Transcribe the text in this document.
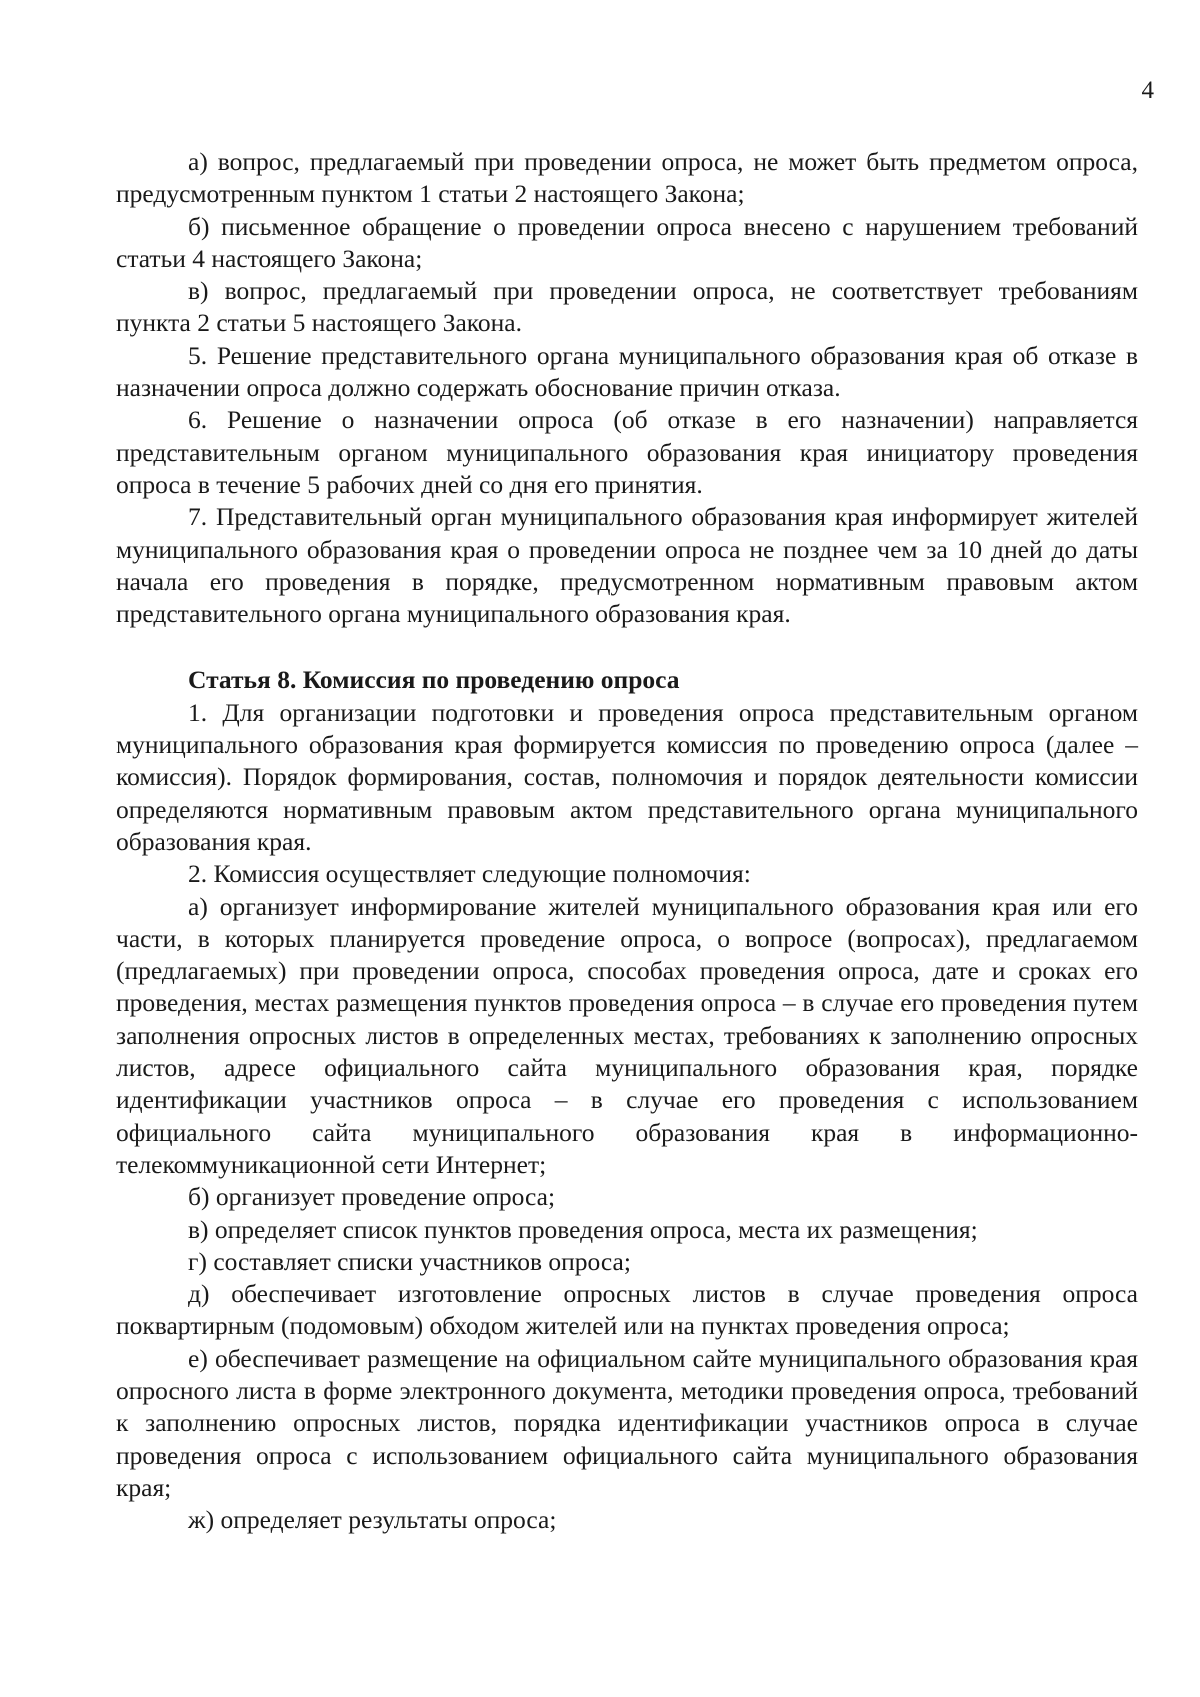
4

а) вопрос, предлагаемый при проведении опроса, не может быть предметом опроса, предусмотренным пунктом 1 статьи 2 настоящего Закона;

б) письменное обращение о проведении опроса внесено с нарушением требований статьи 4 настоящего Закона;

в) вопрос, предлагаемый при проведении опроса, не соответствует требованиям пункта 2 статьи 5 настоящего Закона.

5. Решение представительного органа муниципального образования края об отказе в назначении опроса должно содержать обоснование причин отказа.

6. Решение о назначении опроса (об отказе в его назначении) направляется представительным органом муниципального образования края инициатору проведения опроса в течение 5 рабочих дней со дня его принятия.

7. Представительный орган муниципального образования края информирует жителей муниципального образования края о проведении опроса не позднее чем за 10 дней до даты начала его проведения в порядке, предусмотренном нормативным правовым актом представительного органа муниципального образования края.

Статья 8. Комиссия по проведению опроса

1. Для организации подготовки и проведения опроса представительным органом муниципального образования края формируется комиссия по проведению опроса (далее – комиссия). Порядок формирования, состав, полномочия и порядок деятельности комиссии определяются нормативным правовым актом представительного органа муниципального образования края.

2. Комиссия осуществляет следующие полномочия:

а) организует информирование жителей муниципального образования края или его части, в которых планируется проведение опроса, о вопросе (вопросах), предлагаемом (предлагаемых) при проведении опроса, способах проведения опроса, дате и сроках его проведения, местах размещения пунктов проведения опроса – в случае его проведения путем заполнения опросных листов в определенных местах, требованиях к заполнению опросных листов, адресе официального сайта муниципального образования края, порядке идентификации участников опроса – в случае его проведения с использованием официального сайта муниципального образования края в информационно-телекоммуникационной сети Интернет;

б) организует проведение опроса;

в) определяет список пунктов проведения опроса, места их размещения;

г) составляет списки участников опроса;

д) обеспечивает изготовление опросных листов в случае проведения опроса поквартирным (подомовым) обходом жителей или на пунктах проведения опроса;

е) обеспечивает размещение на официальном сайте муниципального образования края опросного листа в форме электронного документа, методики проведения опроса, требований к заполнению опросных листов, порядка идентификации участников опроса в случае проведения опроса с использованием официального сайта муниципального образования края;

ж) определяет результаты опроса;
